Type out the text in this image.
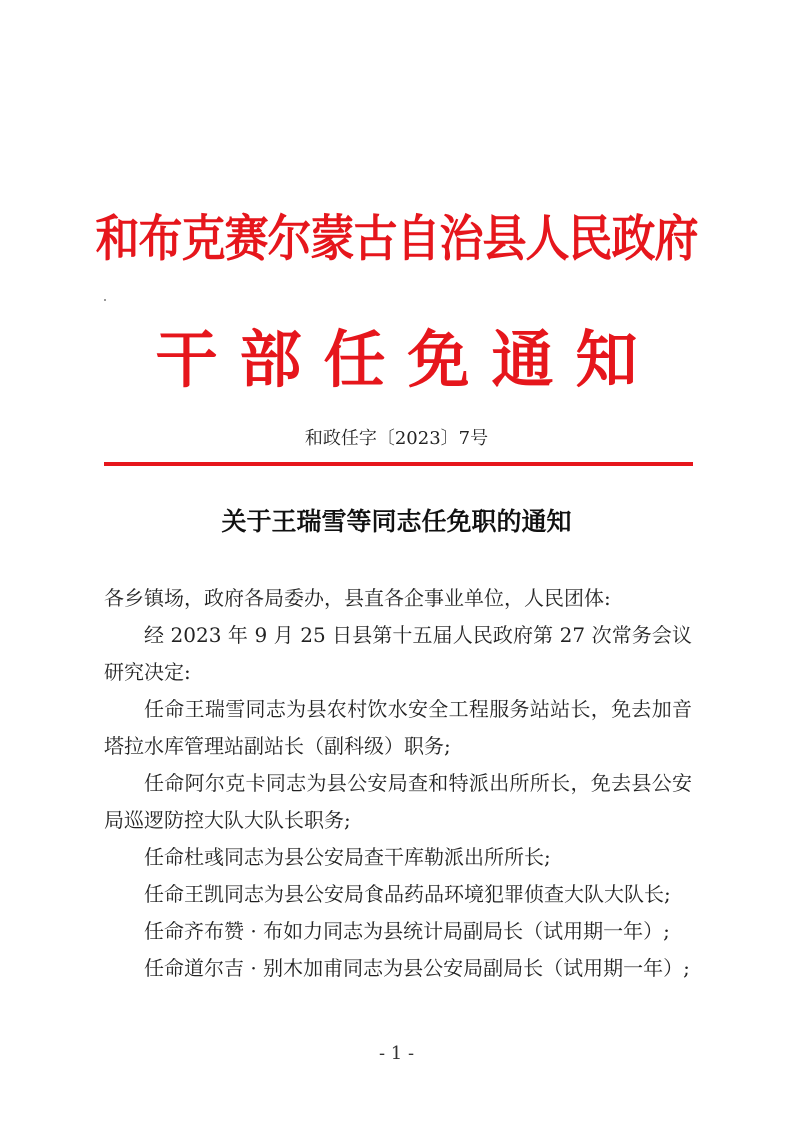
和布克赛尔蒙古自治县人民政府
干部任免通知
和政任字〔2023〕7号
关于王瑞雪等同志任免职的通知

各乡镇场，政府各局委办，县直各企事业单位，人民团体:

经 2023 年 9 月 25 日县第十五届人民政府第 27 次常务会议研究决定:

任命王瑞雪同志为县农村饮水安全工程服务站站长，免去加音塔拉水库管理站副站长（副科级）职务;

任命阿尔克卡同志为县公安局查和特派出所所长，免去县公安局巡逻防控大队大队长职务;

任命杜彧同志为县公安局查干库勒派出所所长;

任命王凯同志为县公安局食品药品环境犯罪侦查大队大队长;

任命齐布赞 · 布如力同志为县统计局副局长（试用期一年）;

任命道尔吉 · 别木加甫同志为县公安局副局长（试用期一年）;

- 1 -
